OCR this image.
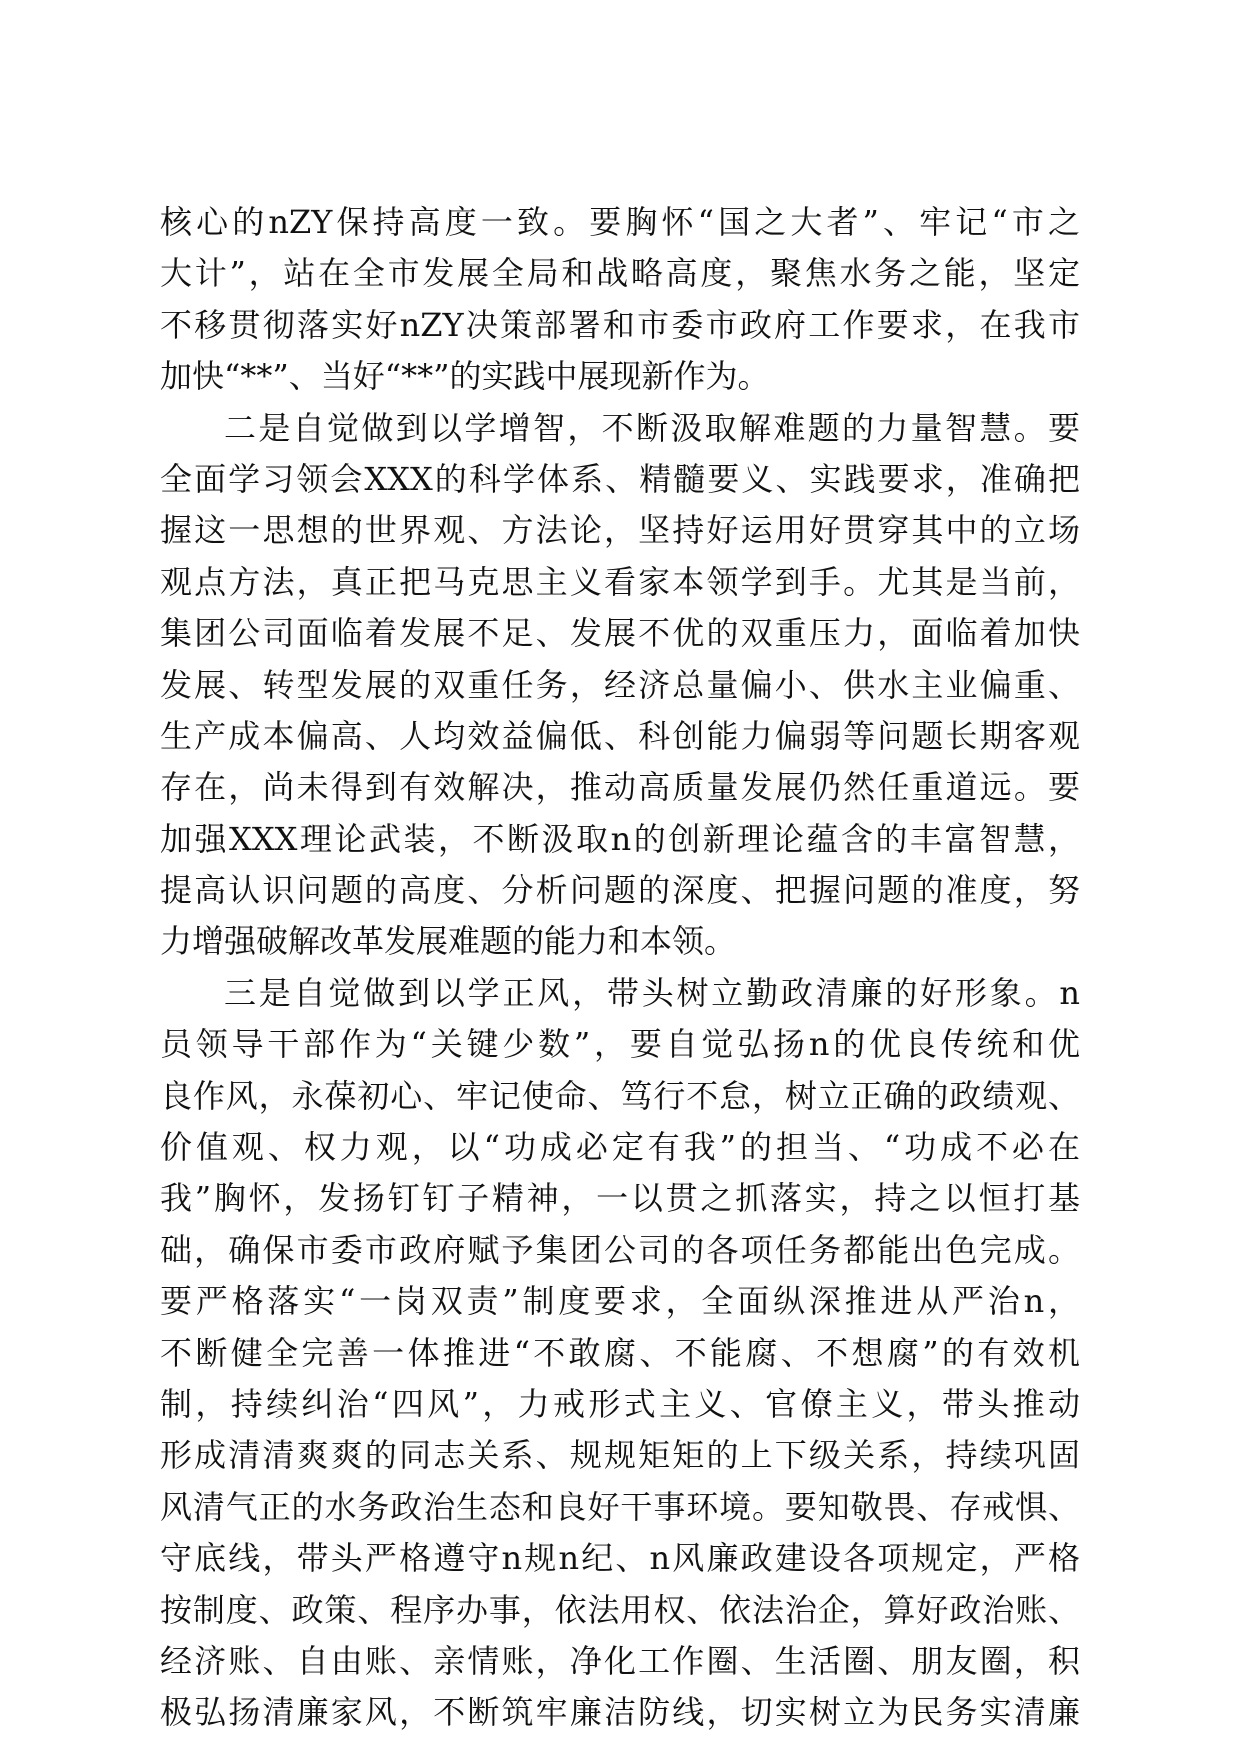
核心的nZY保持高度一致。要胸怀“国之大者”、牢记“市之
大计”，站在全市发展全局和战略高度，聚焦水务之能，坚定
不移贯彻落实好nZY决策部署和市委市政府工作要求，在我市
加快“**”、当好“**”的实践中展现新作为。
二是自觉做到以学增智，不断汲取解难题的力量智慧。要
全面学习领会XXX的科学体系、精髓要义、实践要求，准确把
握这一思想的世界观、方法论，坚持好运用好贯穿其中的立场
观点方法，真正把马克思主义看家本领学到手。尤其是当前，
集团公司面临着发展不足、发展不优的双重压力，面临着加快
发展、转型发展的双重任务，经济总量偏小、供水主业偏重、
生产成本偏高、人均效益偏低、科创能力偏弱等问题长期客观
存在，尚未得到有效解决，推动高质量发展仍然任重道远。要
加强XXX理论武装，不断汲取n的创新理论蕴含的丰富智慧，
提高认识问题的高度、分析问题的深度、把握问题的准度，努
力增强破解改革发展难题的能力和本领。
三是自觉做到以学正风，带头树立勤政清廉的好形象。n
员领导干部作为“关键少数”，要自觉弘扬n的优良传统和优
良作风，永葆初心、牢记使命、笃行不怠，树立正确的政绩观、
价值观、权力观，以“功成必定有我”的担当、“功成不必在
我”胸怀，发扬钉钉子精神，一以贯之抓落实，持之以恒打基
础，确保市委市政府赋予集团公司的各项任务都能出色完成。
要严格落实“一岗双责”制度要求，全面纵深推进从严治n，
不断健全完善一体推进“不敢腐、不能腐、不想腐”的有效机
制，持续纠治“四风”，力戒形式主义、官僚主义，带头推动
形成清清爽爽的同志关系、规规矩矩的上下级关系，持续巩固
风清气正的水务政治生态和良好干事环境。要知敬畏、存戒惧、
守底线，带头严格遵守n规n纪、n风廉政建设各项规定，严格
按制度、政策、程序办事，依法用权、依法治企，算好政治账、
经济账、自由账、亲情账，净化工作圈、生活圈、朋友圈，积
极弘扬清廉家风，不断筑牢廉洁防线，切实树立为民务实清廉
